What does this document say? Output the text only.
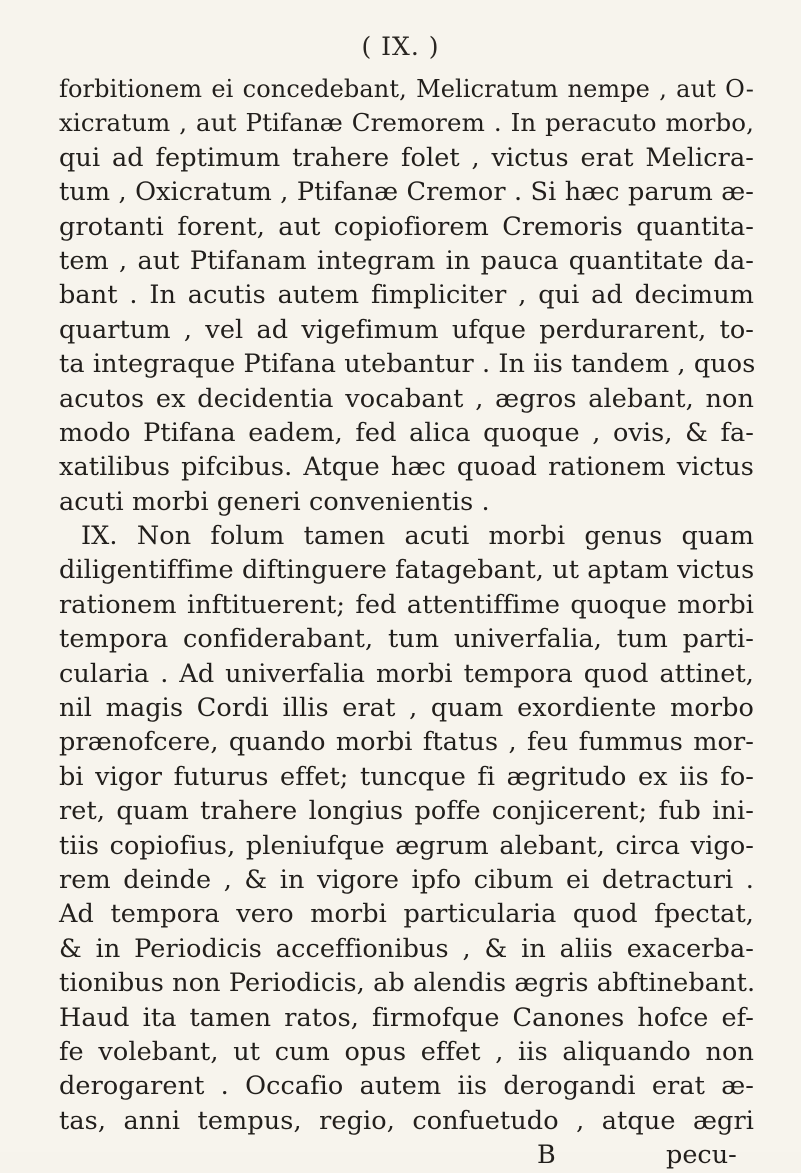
( IX. )
forbitionem ei concedebant, Melicratum nempe , aut O-
xicratum , aut Ptifanæ Cremorem . In peracuto morbo,
qui ad feptimum trahere folet , victus erat Melicra-
tum , Oxicratum , Ptifanæ Cremor . Si hæc parum æ-
grotanti forent, aut copiofiorem Cremoris quantita-
tem , aut Ptifanam integram in pauca quantitate da-
bant . In acutis autem fimpliciter , qui ad decimum
quartum , vel ad vigefimum ufque perdurarent, to-
ta integraque Ptifana utebantur . In iis tandem , quos
acutos ex decidentia vocabant , ægros alebant, non
modo Ptifana eadem, fed alica quoque , ovis, & fa-
xatilibus pifcibus. Atque hæc quoad rationem victus
acuti morbi generi convenientis .
IX. Non folum tamen acuti morbi genus quam
diligentiffime diftinguere fatagebant, ut aptam victus
rationem inftituerent; fed attentiffime quoque morbi
tempora confiderabant, tum univerfalia, tum parti-
cularia . Ad univerfalia morbi tempora quod attinet,
nil magis Cordi illis erat , quam exordiente morbo
prænofcere, quando morbi ftatus , feu fummus mor-
bi vigor futurus effet; tuncque fi ægritudo ex iis fo-
ret, quam trahere longius poffe conjicerent; fub ini-
tiis copiofius, pleniufque ægrum alebant, circa vigo-
rem deinde , & in vigore ipfo cibum ei detracturi .
Ad tempora vero morbi particularia quod fpectat,
& in Periodicis acceffionibus , & in aliis exacerba-
tionibus non Periodicis, ab alendis ægris abftinebant.
Haud ita tamen ratos, firmofque Canones hofce ef-
fe volebant, ut cum opus effet , iis aliquando non
derogarent . Occafio autem iis derogandi erat æ-
tas, anni tempus, regio, confuetudo , atque ægri
B	pecu-
